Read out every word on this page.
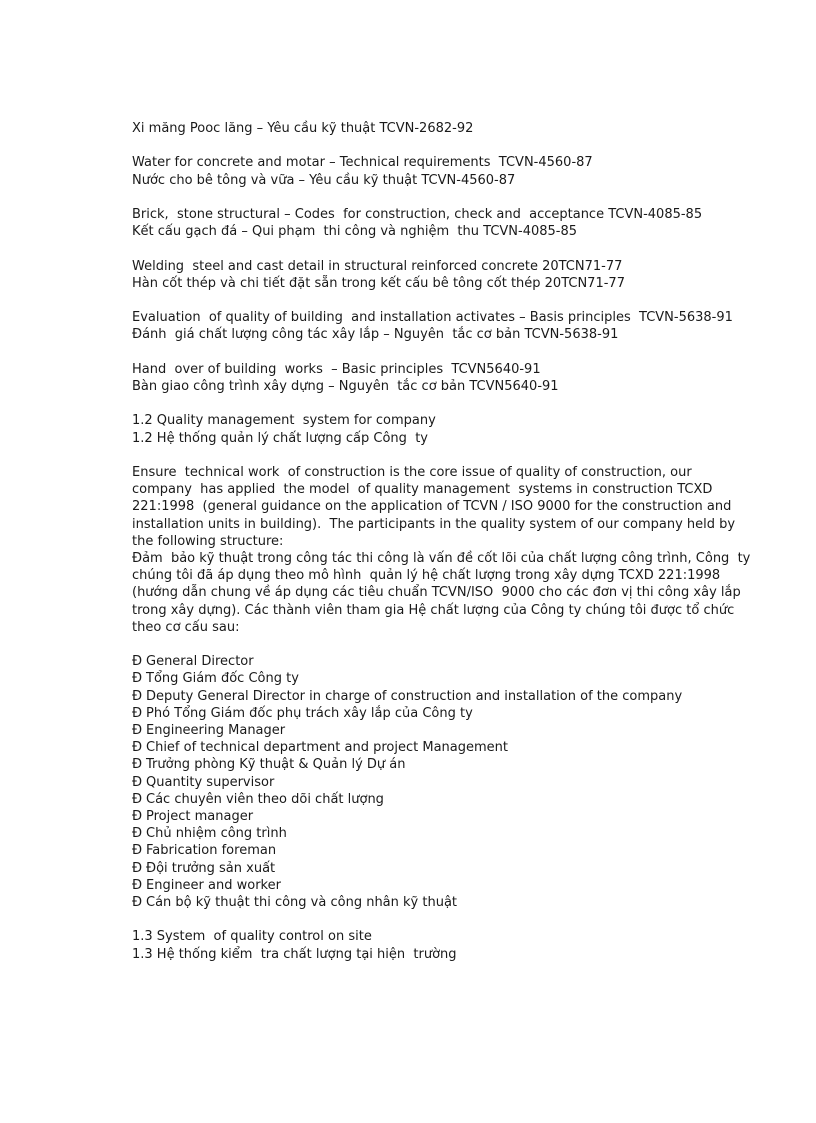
Xi măng Pooc lăng – Yêu cầu kỹ thuật TCVN-2682-92
Water for concrete and motar – Technical requirements  TCVN-4560-87
Nước cho bê tông và vữa – Yêu cầu kỹ thuật TCVN-4560-87
Brick,  stone structural – Codes  for construction, check and  acceptance TCVN-4085-85
Kết cấu gạch đá – Qui phạm  thi công và nghiệm  thu TCVN-4085-85
Welding  steel and cast detail in structural reinforced concrete 20TCN71-77
Hàn cốt thép và chi tiết đặt sẵn trong kết cấu bê tông cốt thép 20TCN71-77
Evaluation  of quality of building  and installation activates – Basis principles  TCVN-5638-91
Đánh  giá chất lượng công tác xây lắp – Nguyên  tắc cơ bản TCVN-5638-91
Hand  over of building  works  – Basic principles  TCVN5640-91
Bàn giao công trình xây dựng – Nguyên  tắc cơ bản TCVN5640-91
1.2 Quality management  system for company
1.2 Hệ thống quản lý chất lượng cấp Công  ty
Ensure  technical work  of construction is the core issue of quality of construction, our company  has applied  the model  of quality management  systems in construction TCXD 221:1998  (general guidance on the application of TCVN / ISO 9000 for the construction and installation units in building).  The participants in the quality system of our company held by the following structure:
Đảm  bảo kỹ thuật trong công tác thi công là vấn đề cốt lõi của chất lượng công trình, Công  ty chúng tôi đã áp dụng theo mô hình  quản lý hệ chất lượng trong xây dựng TCXD 221:1998  (hướng dẫn chung về áp dụng các tiêu chuẩn TCVN/ISO  9000 cho các đơn vị thi công xây lắp trong xây dựng). Các thành viên tham gia Hệ chất lượng của Công ty chúng tôi được tổ chức theo cơ cấu sau:
Đ General Director
Đ Tổng Giám đốc Công ty
Đ Deputy General Director in charge of construction and installation of the company
Đ Phó Tổng Giám đốc phụ trách xây lắp của Công ty
Đ Engineering Manager
Đ Chief of technical department and project Management
Đ Trưởng phòng Kỹ thuật & Quản lý Dự án
Đ Quantity supervisor
Đ Các chuyên viên theo dõi chất lượng
Đ Project manager
Đ Chủ nhiệm công trình
Đ Fabrication foreman
Đ Đội trưởng sản xuất
Đ Engineer and worker
Đ Cán bộ kỹ thuật thi công và công nhân kỹ thuật
1.3 System  of quality control on site
1.3 Hệ thống kiểm  tra chất lượng tại hiện  trường
